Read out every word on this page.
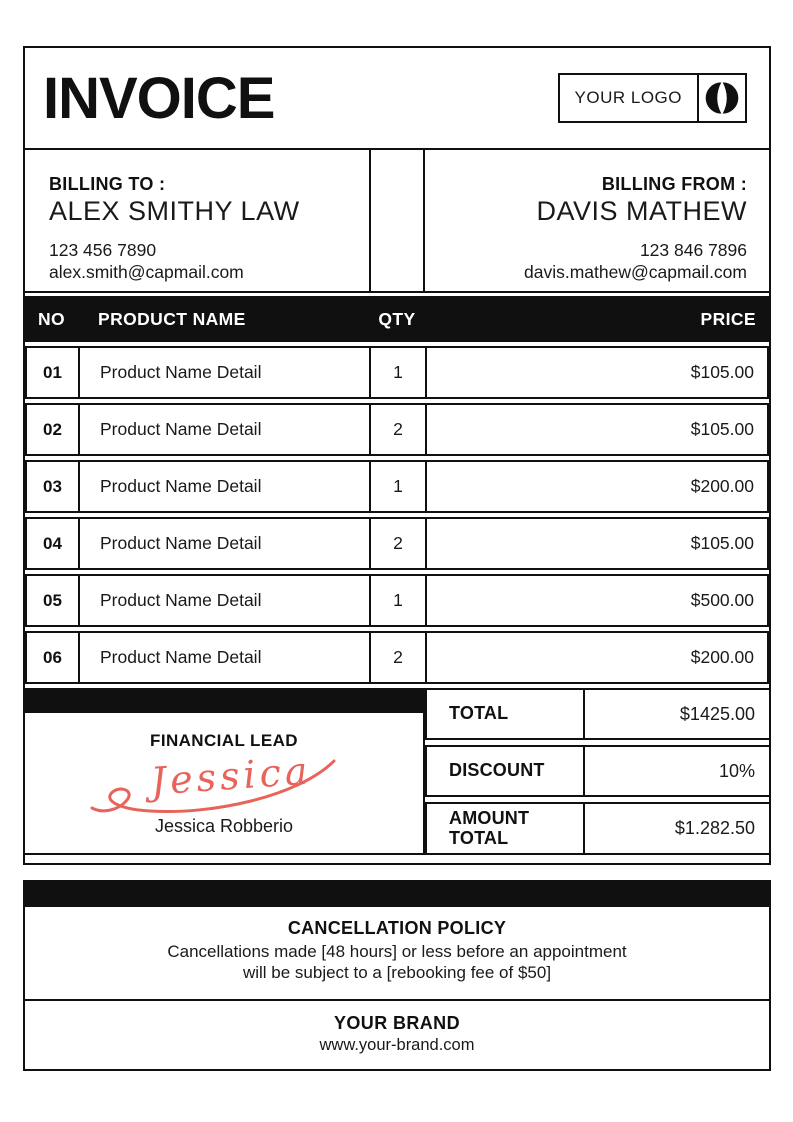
INVOICE	YOUR LOGO
BILLING TO :
ALEX SMITHY LAW
123 456 7890
alex.smith@capmail.com
BILLING FROM :
DAVIS MATHEW
123 846 7896
davis.mathew@capmail.com
NO	PRODUCT NAME	QTY	PRICE
01	Product Name Detail	1	$105.00
02	Product Name Detail	2	$105.00
03	Product Name Detail	1	$200.00
04	Product Name Detail	2	$105.00
05	Product Name Detail	1	$500.00
06	Product Name Detail	2	$200.00
FINANCIAL LEAD
Jessica
Jessica Robberio
TOTAL	$1425.00
DISCOUNT	10%
AMOUNT TOTAL	$1.282.50
CANCELLATION POLICY
Cancellations made [48 hours] or less before an appointment
will be subject to a [rebooking fee of $50]
YOUR BRAND
www.your-brand.com
